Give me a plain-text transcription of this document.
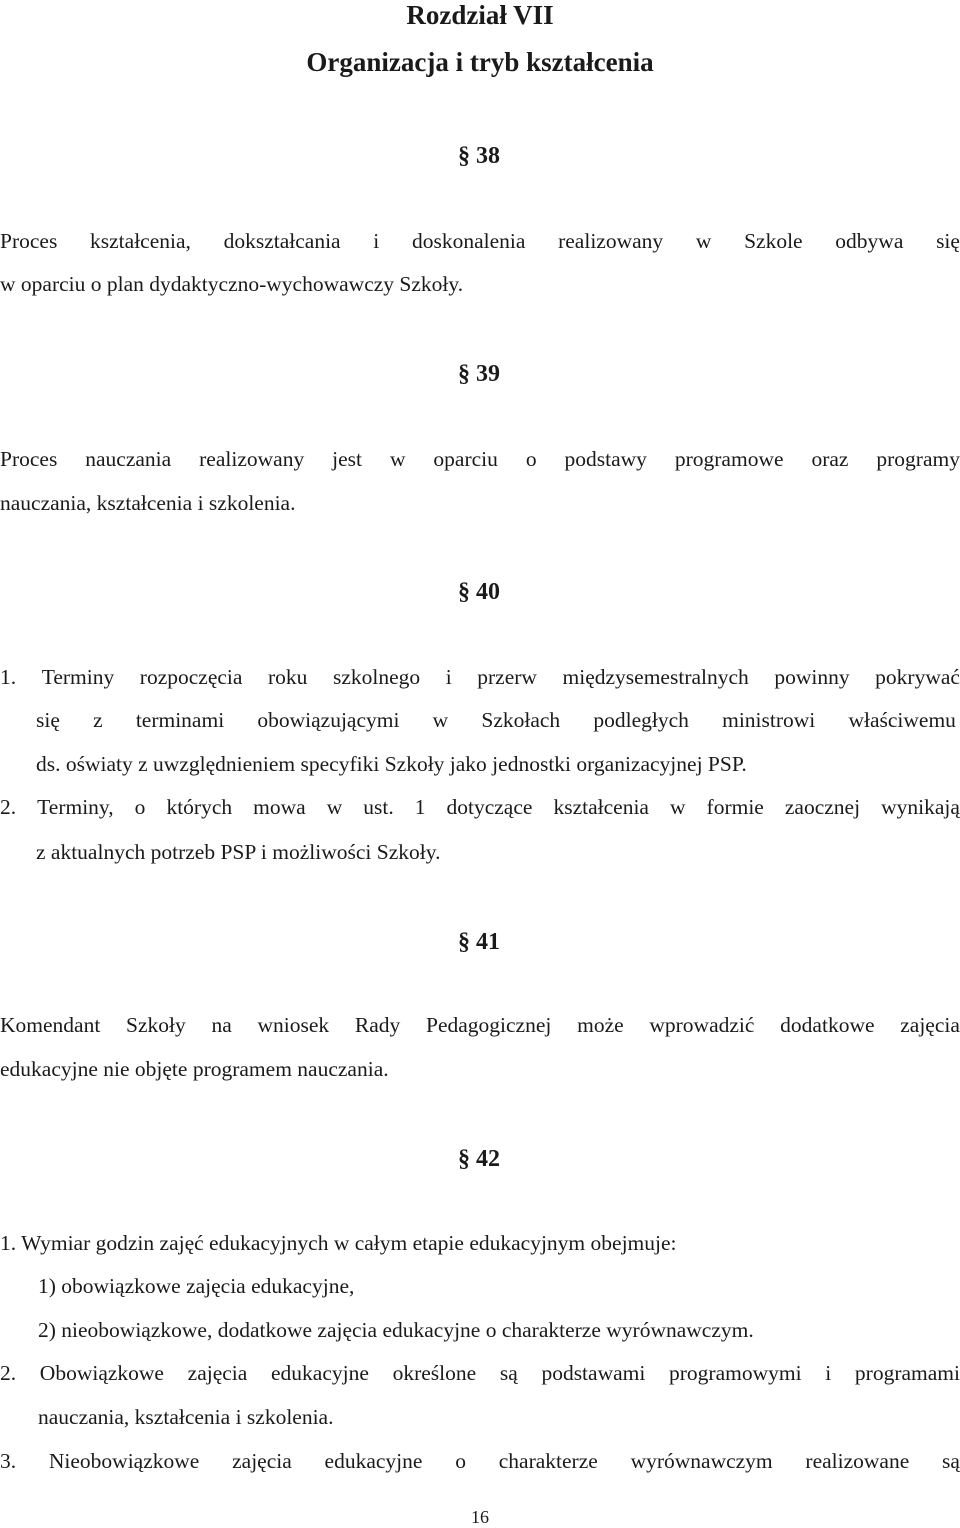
Rozdział VII
Organizacja i tryb kształcenia
§ 38
Proces kształcenia, dokształcania i doskonalenia realizowany w Szkole odbywa się
w oparciu o plan dydaktyczno-wychowawczy Szkoły.
§ 39
Proces nauczania realizowany jest w oparciu o podstawy programowe oraz programy
nauczania, kształcenia i szkolenia.
§ 40
1. Terminy rozpoczęcia roku szkolnego i przerw międzysemestralnych powinny pokrywać
się z terminami obowiązującymi w Szkołach podległych ministrowi właściwemu
ds. oświaty z uwzględnieniem specyfiki Szkoły jako jednostki organizacyjnej PSP.
2. Terminy, o których mowa w ust. 1 dotyczące kształcenia w formie zaocznej wynikają
z aktualnych potrzeb PSP i możliwości Szkoły.
§ 41
Komendant Szkoły na wniosek Rady Pedagogicznej może wprowadzić dodatkowe zajęcia
edukacyjne nie objęte programem nauczania.
§ 42
1. Wymiar godzin zajęć edukacyjnych w całym etapie edukacyjnym obejmuje:
1) obowiązkowe zajęcia edukacyjne,
2) nieobowiązkowe, dodatkowe zajęcia edukacyjne o charakterze wyrównawczym.
2. Obowiązkowe zajęcia edukacyjne określone są podstawami programowymi i programami
nauczania, kształcenia i szkolenia.
3. Nieobowiązkowe zajęcia edukacyjne o charakterze wyrównawczym realizowane są
16
